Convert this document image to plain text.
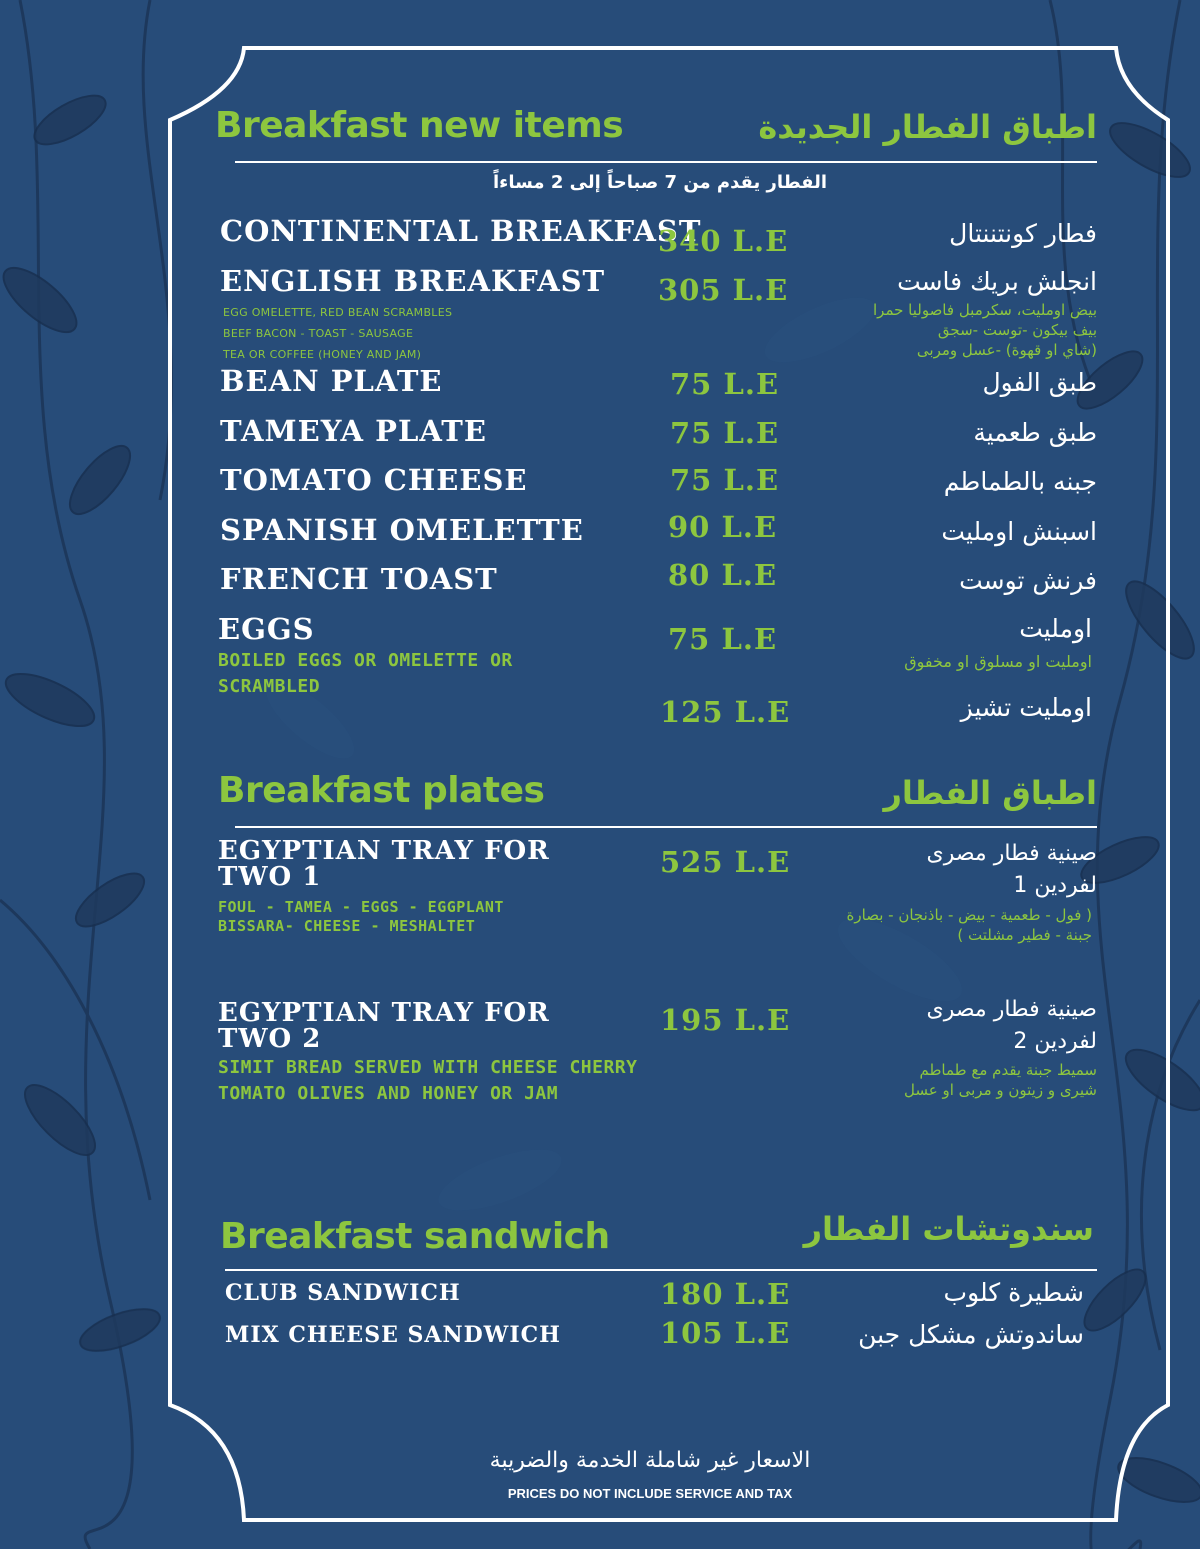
Breakfast new items	اطباق الفطار الجديدة
الفطار يقدم من 7 صباحاً إلى 2 مساءاً
CONTINENTAL BREAKFAST
340 L.E	فطار كونتننتال
ENGLISH BREAKFAST 305 L.E	انجلش بريك فاست
EGG OMELETTE, RED BEAN SCRAMBLES
BEEF BACON - TOAST - SAUSAGE
TEA OR COFFEE (HONEY AND JAM)
بيض اومليت، سكرمبل فاصوليا حمرا
بيف بيكون -توست -سجق
(شاي او قهوة) -عسل ومربى
BEAN PLATE	75 L.E	طبق الفول
TAMEYA PLATE	75 L.E	طبق طعمية
TOMATO CHEESE	75 L.E	جبنه بالطماطم
SPANISH OMELETTE	90 L.E	اسبنش اومليت
FRENCH TOAST	80 L.E	فرنش توست
EGGS	75 L.E	اومليت
BOILED EGGS OR OMELETTE OR
SCRAMBLED
اومليت او مسلوق او مخفوق
125 L.E	اومليت تشيز
Breakfast plates	اطباق الفطار
EGYPTIAN TRAY FOR
TWO 1	525 L.E	صينية فطار مصرى
لفردين 1
FOUL - TAMEA - EGGS - EGGPLANT
BISSARA- CHEESE - MESHALTET
( فول - طعمية - بيض - باذنجان - بصارة
جبنة - فطير مشلتت )
EGYPTIAN TRAY FOR
TWO 2
195 L.E	صينية فطار مصرى
لفردين 2
SIMIT BREAD SERVED WITH CHEESE CHERRY
TOMATO OLIVES AND HONEY OR JAM
سميط جبنة يقدم مع طماطم
شيرى و زيتون و مربى او عسل
Breakfast sandwich	سندوتشات الفطار
CLUB SANDWICH	180 L.E	شطيرة كلوب
MIX CHEESE SANDWICH	105 L.E	ساندوتش مشكل جبن
الاسعار غير شاملة الخدمة والضريبة
PRICES DO NOT INCLUDE SERVICE AND TAX
